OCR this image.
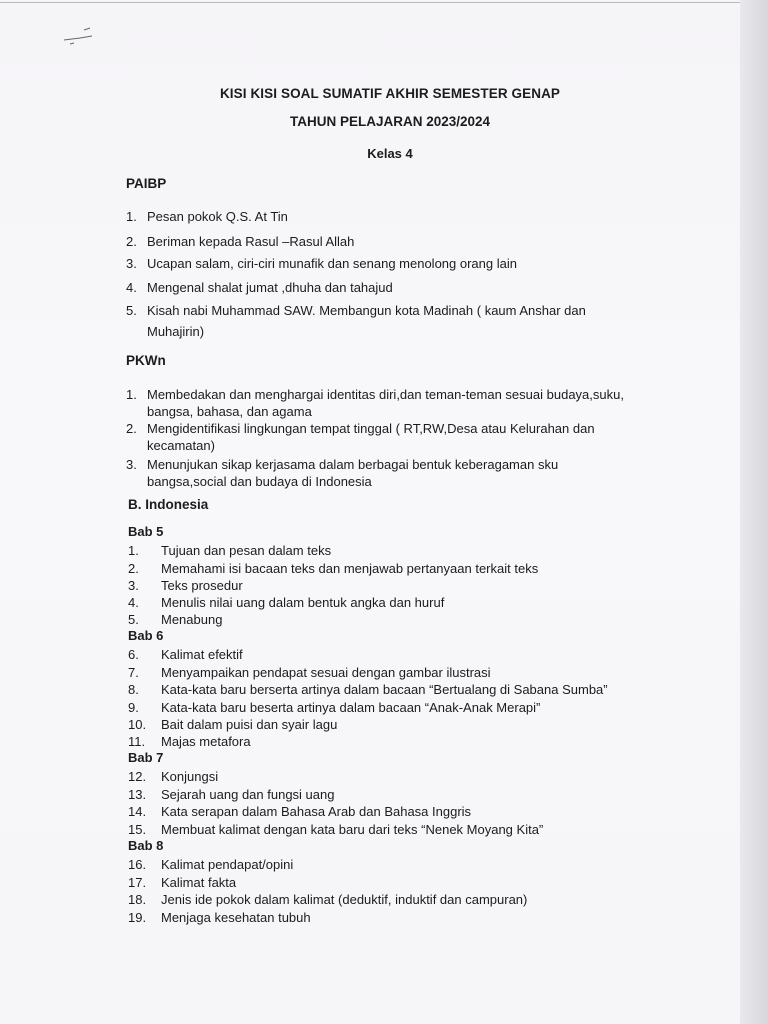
KISI KISI SOAL SUMATIF AKHIR SEMESTER GENAP
TAHUN PELAJARAN 2023/2024
Kelas 4
PAIBP
1. Pesan pokok Q.S. At Tin
2. Beriman kepada Rasul –Rasul Allah
3. Ucapan salam, ciri-ciri munafik dan senang menolong orang lain
4. Mengenal shalat jumat ,dhuha dan tahajud
5. Kisah nabi Muhammad SAW. Membangun kota Madinah ( kaum Anshar dan
Muhajirin)
PKWn
1. Membedakan dan menghargai identitas diri,dan teman-teman sesuai budaya,suku,
bangsa, bahasa, dan agama
2. Mengidentifikasi lingkungan tempat tinggal ( RT,RW,Desa atau Kelurahan dan
kecamatan)
3. Menunjukan sikap kerjasama dalam berbagai bentuk keberagaman sku
bangsa,social dan budaya di Indonesia
B. Indonesia
Bab 5
1. Tujuan dan pesan dalam teks
2. Memahami isi bacaan teks dan menjawab pertanyaan terkait teks
3. Teks prosedur
4. Menulis nilai uang dalam bentuk angka dan huruf
5. Menabung
Bab 6
6. Kalimat efektif
7. Menyampaikan pendapat sesuai dengan gambar ilustrasi
8. Kata-kata baru berserta artinya dalam bacaan “Bertualang di Sabana Sumba”
9. Kata-kata baru beserta artinya dalam bacaan “Anak-Anak Merapi”
10. Bait dalam puisi dan syair lagu
11. Majas metafora
Bab 7
12. Konjungsi
13. Sejarah uang dan fungsi uang
14. Kata serapan dalam Bahasa Arab dan Bahasa Inggris
15. Membuat kalimat dengan kata baru dari teks “Nenek Moyang Kita”
Bab 8
16. Kalimat pendapat/opini
17. Kalimat fakta
18. Jenis ide pokok dalam kalimat (deduktif, induktif dan campuran)
19. Menjaga kesehatan tubuh
